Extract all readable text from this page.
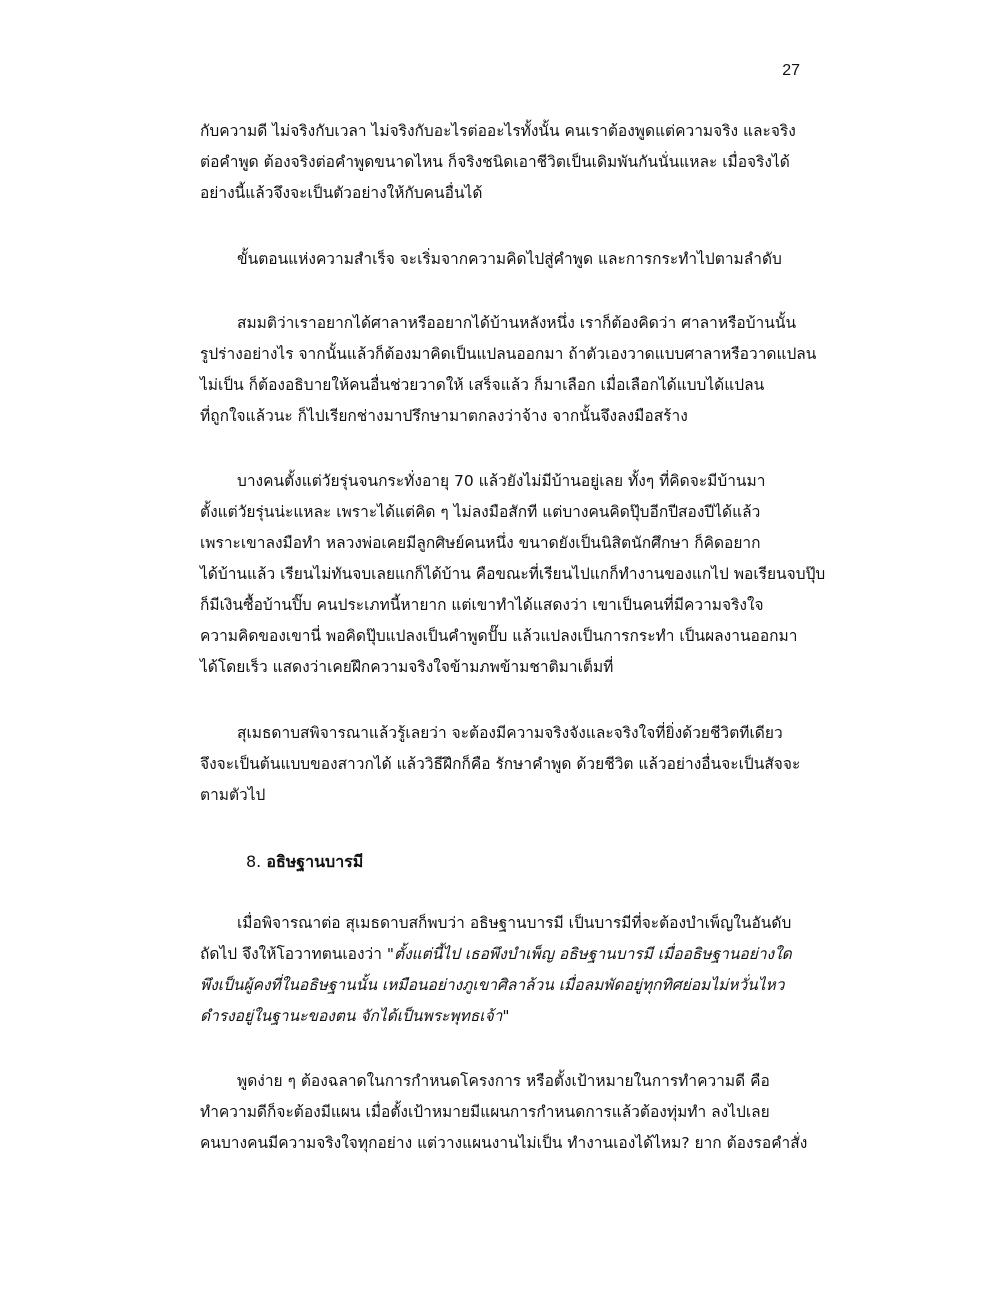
27
กับความดี ไม่จริงกับเวลา ไม่จริงกับอะไรต่ออะไรทั้งนั้น คนเราต้องพูดแต่ความจริง และจริง
ต่อคำพูด ต้องจริงต่อคำพูดขนาดไหน ก็จริงชนิดเอาชีวิตเป็นเดิมพันกันนั่นแหละ เมื่อจริงได้
อย่างนี้แล้วจึงจะเป็นตัวอย่างให้กับคนอื่นได้
ขั้นตอนแห่งความสำเร็จ จะเริ่มจากความคิดไปสู่คำพูด และการกระทำไปตามลำดับ
สมมติว่าเราอยากได้ศาลาหรืออยากได้บ้านหลังหนึ่ง เราก็ต้องคิดว่า ศาลาหรือบ้านนั้น
รูปร่างอย่างไร จากนั้นแล้วก็ต้องมาคิดเป็นแปลนออกมา ถ้าตัวเองวาดแบบศาลาหรือวาดแปลน
ไม่เป็น ก็ต้องอธิบายให้คนอื่นช่วยวาดให้ เสร็จแล้ว ก็มาเลือก เมื่อเลือกได้แบบได้แปลน
ที่ถูกใจแล้วนะ ก็ไปเรียกช่างมาปรึกษามาตกลงว่าจ้าง จากนั้นจึงลงมือสร้าง
บางคนตั้งแต่วัยรุ่นจนกระทั่งอายุ 70 แล้วยังไม่มีบ้านอยู่เลย ทั้งๆ ที่คิดจะมีบ้านมา
ตั้งแต่วัยรุ่นน่ะแหละ เพราะได้แต่คิด ๆ ไม่ลงมือสักที แต่บางคนคิดปุ๊บอีกปีสองปีได้แล้ว
เพราะเขาลงมือทำ หลวงพ่อเคยมีลูกศิษย์คนหนึ่ง ขนาดยังเป็นนิสิตนักศึกษา ก็คิดอยาก
ได้บ้านแล้ว เรียนไม่ทันจบเลยแกก็ได้บ้าน คือขณะที่เรียนไปแกก็ทำงานของแกไป พอเรียนจบปุ๊บ
ก็มีเงินซื้อบ้านปิ๊บ คนประเภทนี้หายาก แต่เขาทำได้แสดงว่า เขาเป็นคนที่มีความจริงใจ
ความคิดของเขานี่ พอคิดปุ๊บแปลงเป็นคำพูดปั๊บ แล้วแปลงเป็นการกระทำ เป็นผลงานออกมา
ได้โดยเร็ว แสดงว่าเคยฝึกความจริงใจข้ามภพข้ามชาติมาเต็มที่
สุเมธดาบสพิจารณาแล้วรู้เลยว่า จะต้องมีความจริงจังและจริงใจที่ยิ่งด้วยชีวิตทีเดียว
จึงจะเป็นต้นแบบของสาวกได้ แล้ววิธีฝึกก็คือ รักษาคำพูด ด้วยชีวิต แล้วอย่างอื่นจะเป็นสัจจะ
ตามตัวไป
8. อธิษฐานบารมี
เมื่อพิจารณาต่อ สุเมธดาบสก็พบว่า อธิษฐานบารมี เป็นบารมีที่จะต้องบำเพ็ญในอันดับ
ถัดไป จึงให้โอวาทตนเองว่า "ตั้งแต่นี้ไป เธอพึงบำเพ็ญ อธิษฐานบารมี เมื่ออธิษฐานอย่างใด
พึงเป็นผู้คงที่ในอธิษฐานนั้น เหมือนอย่างภูเขาศิลาล้วน เมื่อลมพัดอยู่ทุกทิศย่อมไม่หวั่นไหว
ดำรงอยู่ในฐานะของตน จักได้เป็นพระพุทธเจ้า"
พูดง่าย ๆ ต้องฉลาดในการกำหนดโครงการ หรือตั้งเป้าหมายในการทำความดี คือ
ทำความดีก็จะต้องมีแผน เมื่อตั้งเป้าหมายมีแผนการกำหนดการแล้วต้องทุ่มทำ ลงไปเลย
คนบางคนมีความจริงใจทุกอย่าง แต่วางแผนงานไม่เป็น ทำงานเองได้ไหม? ยาก ต้องรอคำสั่ง
